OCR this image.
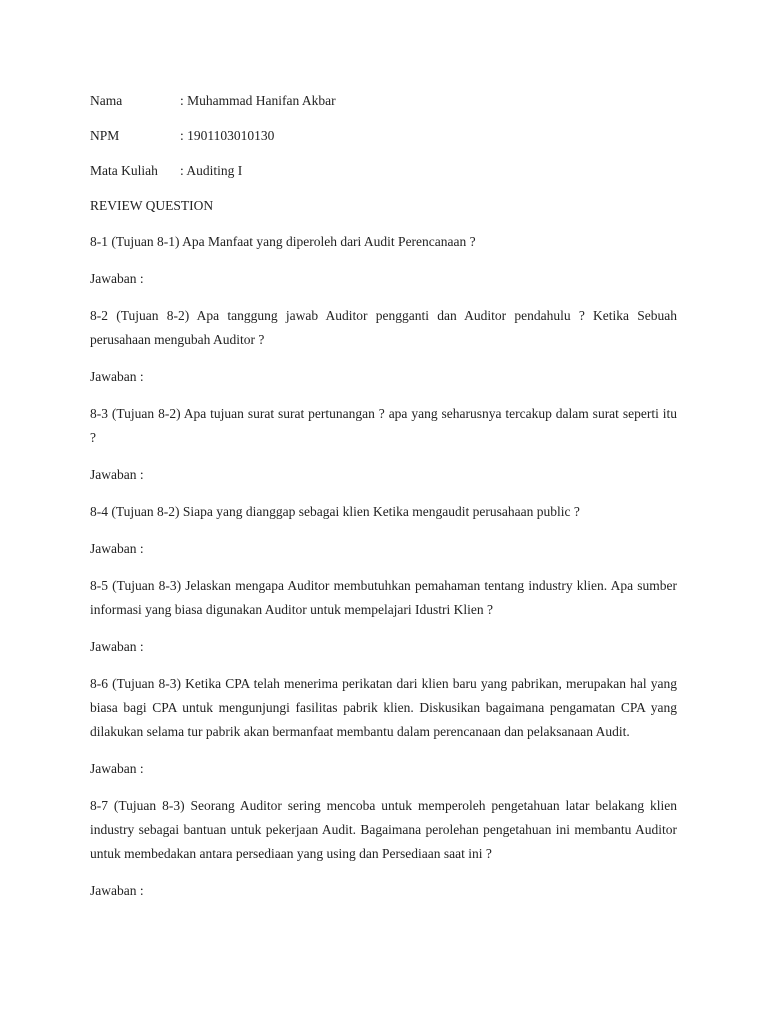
Nama	: Muhammad Hanifan Akbar
NPM	: 1901103010130
Mata Kuliah	: Auditing I
REVIEW QUESTION

8-1 (Tujuan 8-1) Apa Manfaat yang diperoleh dari Audit Perencanaan ?

Jawaban :

8-2 (Tujuan 8-2) Apa tanggung jawab Auditor pengganti dan Auditor pendahulu ? Ketika Sebuah perusahaan mengubah Auditor ?

Jawaban :

8-3 (Tujuan 8-2) Apa tujuan surat surat pertunangan ? apa yang seharusnya tercakup dalam surat seperti itu ?

Jawaban :

8-4 (Tujuan 8-2) Siapa yang dianggap sebagai klien Ketika mengaudit perusahaan public ?

Jawaban :

8-5 (Tujuan 8-3) Jelaskan mengapa Auditor membutuhkan pemahaman tentang industry klien. Apa sumber informasi yang biasa digunakan Auditor untuk mempelajari Idustri Klien ?

Jawaban :

8-6 (Tujuan 8-3) Ketika CPA telah menerima perikatan dari klien baru yang pabrikan, merupakan hal yang biasa bagi CPA untuk mengunjungi fasilitas pabrik klien. Diskusikan bagaimana pengamatan CPA yang dilakukan selama tur pabrik akan bermanfaat membantu dalam perencanaan dan pelaksanaan Audit.

Jawaban :

8-7 (Tujuan 8-3) Seorang Auditor sering mencoba untuk memperoleh pengetahuan latar belakang klien industry sebagai bantuan untuk pekerjaan Audit. Bagaimana perolehan pengetahuan ini membantu Auditor untuk membedakan antara persediaan yang using dan Persediaan saat ini ?

Jawaban :
